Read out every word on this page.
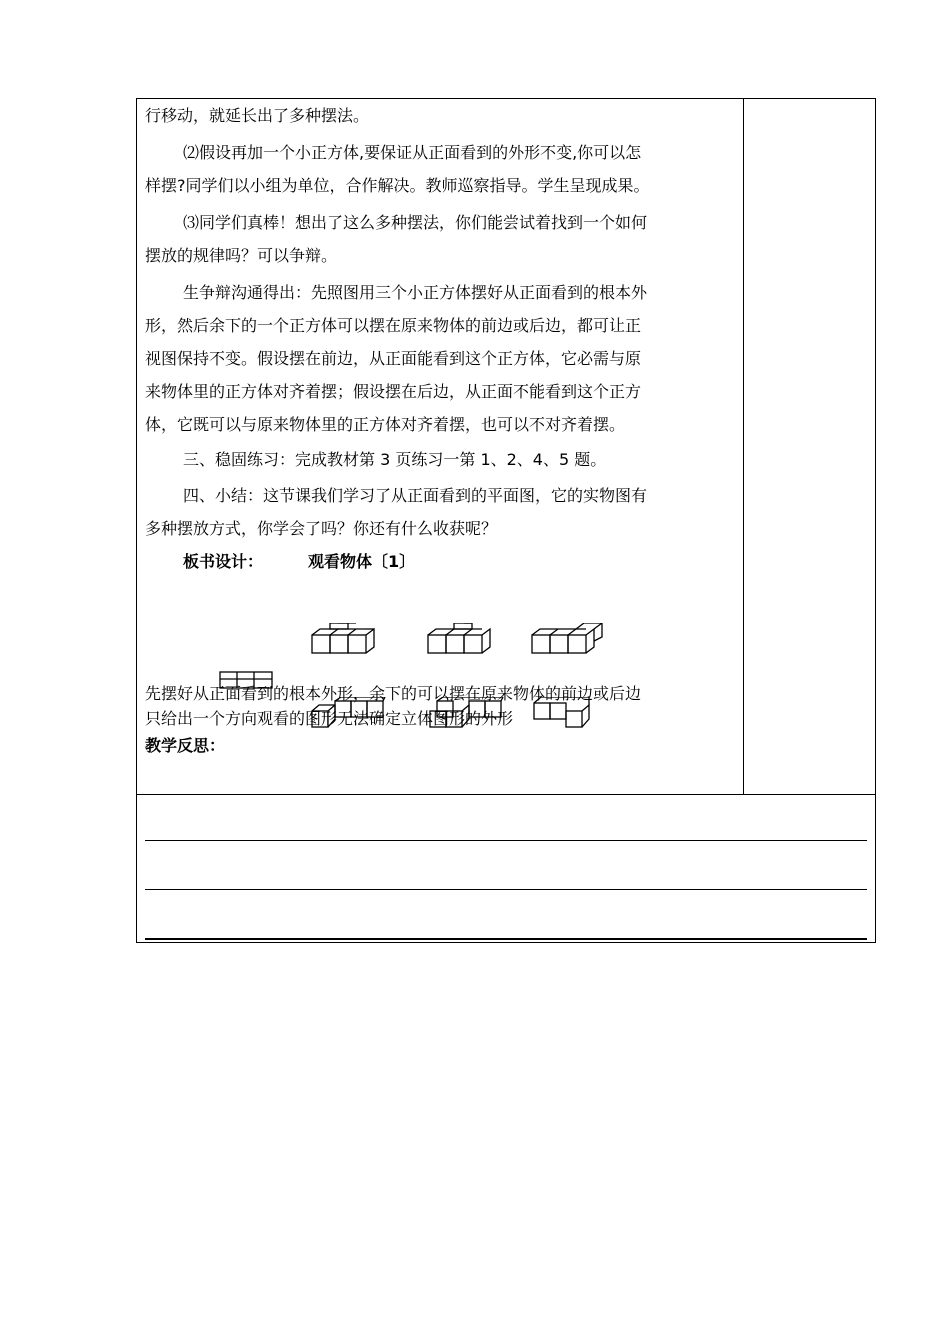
行移动，就延长出了多种摆法。
⑵假设再加一个小正方体,要保证从正面看到的外形不变,你可以怎
样摆?同学们以小组为单位，合作解决。教师巡察指导。学生呈现成果。
⑶同学们真棒！想出了这么多种摆法，你们能尝试着找到一个如何
摆放的规律吗？可以争辩。
生争辩沟通得出：先照图用三个小正方体摆好从正面看到的根本外
形，然后余下的一个正方体可以摆在原来物体的前边或后边，都可让正
视图保持不变。假设摆在前边，从正面能看到这个正方体，它必需与原
来物体里的正方体对齐着摆；假设摆在后边，从正面不能看到这个正方
体，它既可以与原来物体里的正方体对齐着摆，也可以不对齐着摆。
三、稳固练习：完成教材第 3 页练习一第 1、2、4、5 题。
四、小结：这节课我们学习了从正面看到的平面图，它的实物图有
多种摆放方式，你学会了吗？你还有什么收获呢？
板书设计：	观看物体〔1〕
先摆好从正面看到的根本外形，余下的可以摆在原来物体的前边或后边
只给出一个方向观看的图形无法确定立体图形的外形
教学反思：
